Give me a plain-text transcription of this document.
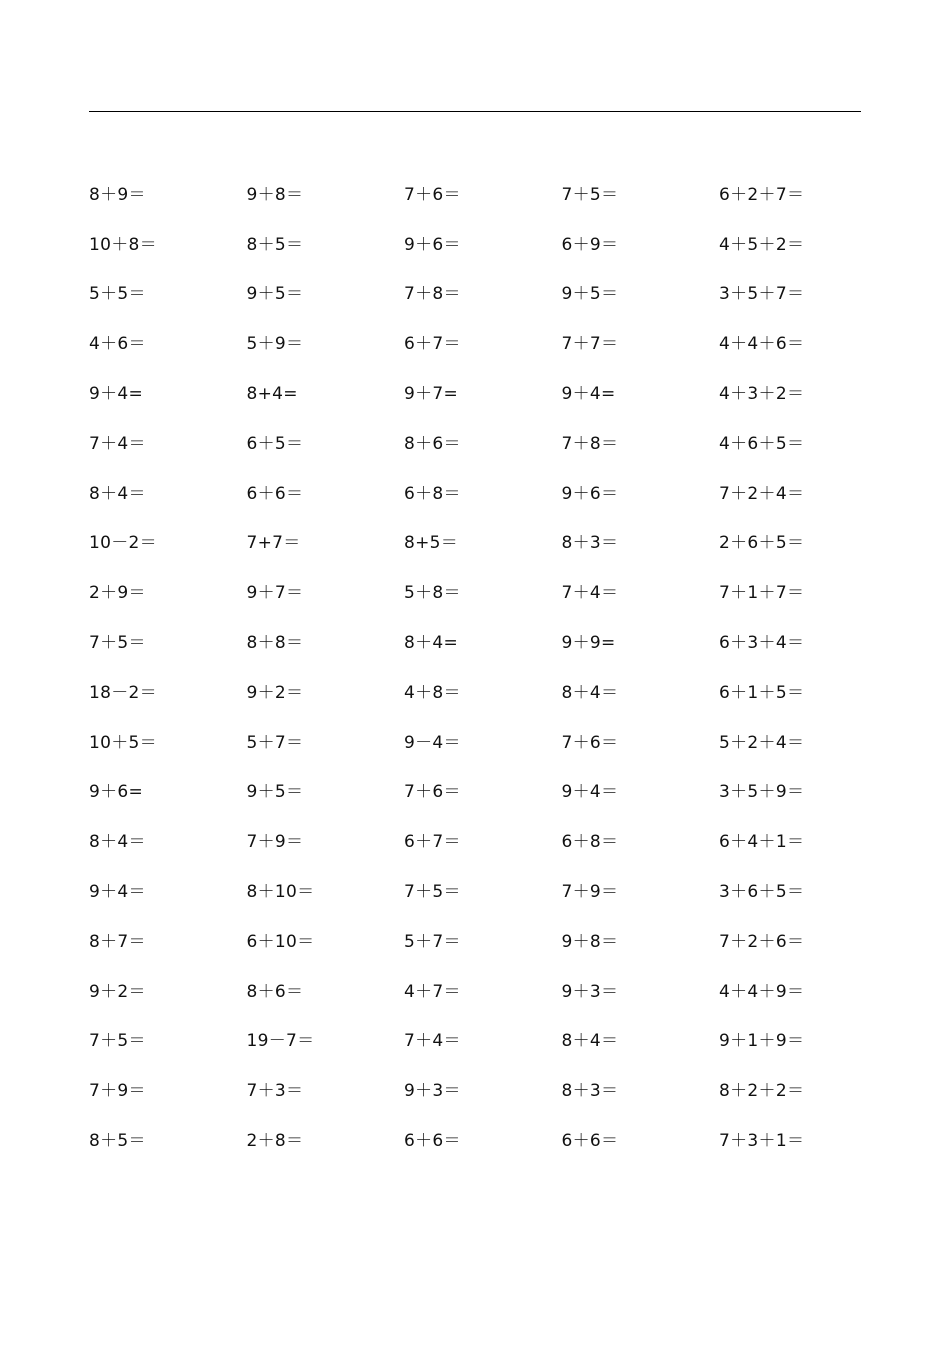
8＋9＝	9＋8＝	7＋6＝	7＋5＝	6＋2＋7＝
10＋8＝	8＋5＝	9＋6＝	6＋9＝	4＋5＋2＝
5＋5＝	9＋5＝	7＋8＝	9＋5＝	3＋5＋7＝
4＋6＝	5＋9＝	6＋7＝	7＋7＝	4＋4＋6＝
9＋4=	8+4=	9＋7=	9＋4=	4＋3＋2＝
7＋4＝	6＋5＝	8＋6＝	7＋8＝	4＋6＋5＝
8＋4＝	6＋6＝	6＋8＝	9＋6＝	7＋2＋4＝
10－2＝	7+7＝	8+5＝	8＋3＝	2＋6＋5＝
2＋9＝	9＋7＝	5＋8＝	7＋4＝	7＋1＋7＝
7＋5＝	8＋8＝	8＋4=	9＋9=	6＋3＋4＝
18－2＝	9＋2＝	4＋8＝	8＋4＝	6＋1＋5＝
10＋5＝	5＋7＝	9－4＝	7＋6＝	5＋2＋4＝
9＋6=	9＋5＝	7＋6＝	9＋4＝	3＋5＋9＝
8＋4＝	7＋9＝	6＋7＝	6＋8＝	6＋4＋1＝
9＋4＝	8＋10＝	7＋5＝	7＋9＝	3＋6＋5＝
8＋7＝	6＋10＝	5＋7＝	9＋8＝	7＋2＋6＝
9＋2＝	8＋6＝	4＋7＝	9＋3＝	4＋4＋9＝
7＋5＝	19－7＝	7＋4＝	8＋4＝	9＋1＋9＝
7＋9＝	7＋3＝	9＋3＝	8＋3＝	8＋2＋2＝
8＋5＝	2＋8＝	6＋6＝	6＋6＝	7＋3＋1＝
